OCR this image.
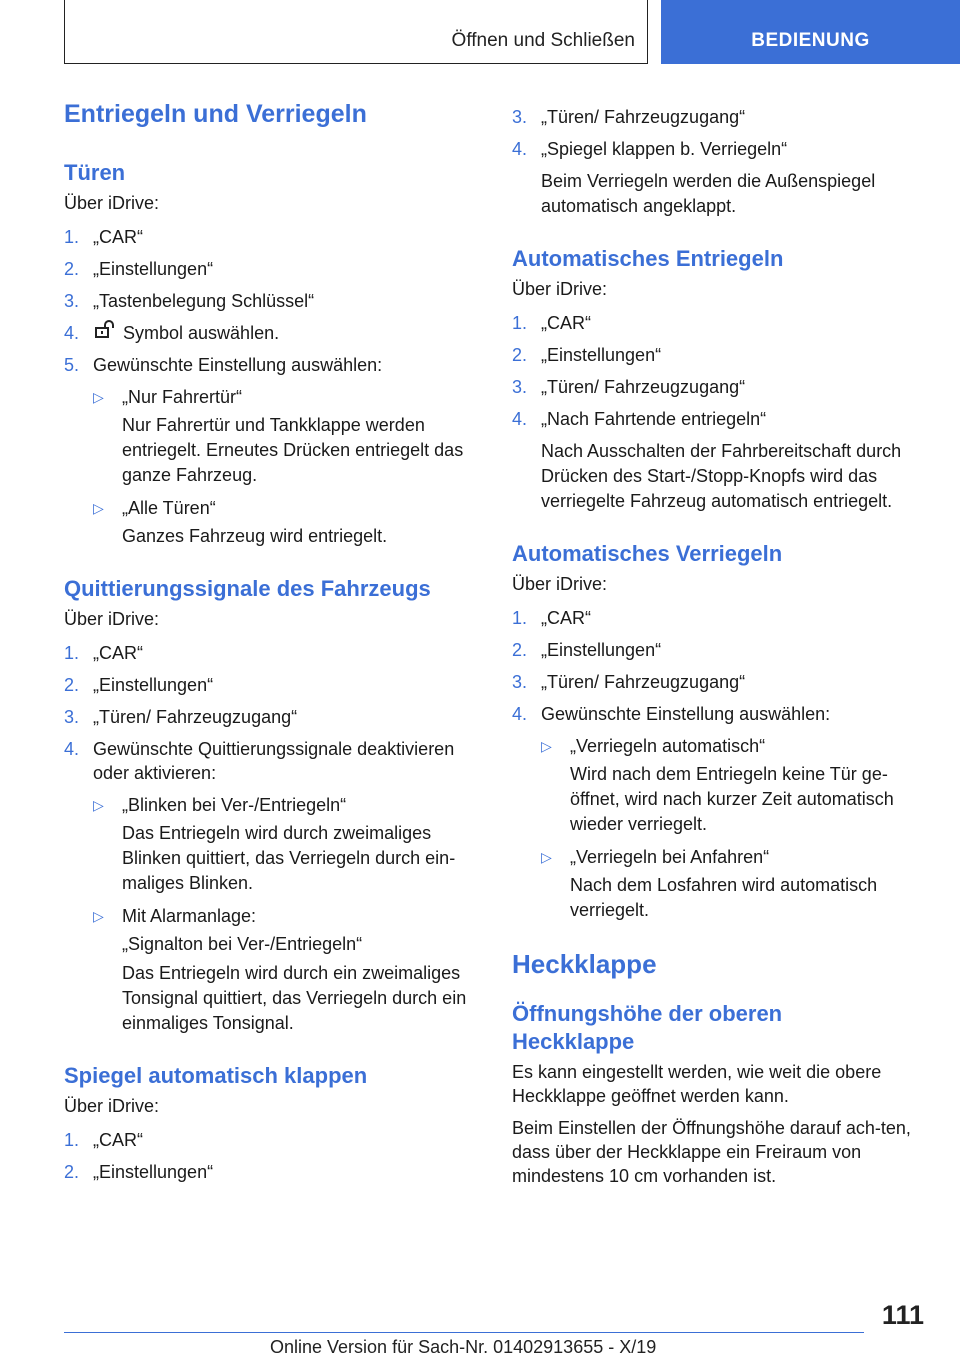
Öffnen und Schließen	BEDIENUNG
Entriegeln und Verriegeln
Türen
Über iDrive:
1. „CAR“
2. „Einstellungen“
3. „Tastenbelegung Schlüssel“
4. Symbol auswählen.
5. Gewünschte Einstellung auswählen:
▷ „Nur Fahrertür“
Nur Fahrertür und Tankklappe werden entriegelt. Erneutes Drücken entriegelt das ganze Fahrzeug.
▷ „Alle Türen“
Ganzes Fahrzeug wird entriegelt.
Quittierungssignale des Fahrzeugs
Über iDrive:
1. „CAR“
2. „Einstellungen“
3. „Türen/ Fahrzeugzugang“
4. Gewünschte Quittierungssignale deaktivieren oder aktivieren:
▷ „Blinken bei Ver-/Entriegeln“
Das Entriegeln wird durch zweimaliges Blinken quittiert, das Verriegeln durch ein-maliges Blinken.
▷ Mit Alarmanlage:
„Signalton bei Ver-/Entriegeln“
Das Entriegeln wird durch ein zweimaliges Tonsignal quittiert, das Verriegeln durch ein einmaliges Tonsignal.
Spiegel automatisch klappen
Über iDrive:
1. „CAR“
2. „Einstellungen“
3. „Türen/ Fahrzeugzugang“
4. „Spiegel klappen b. Verriegeln“
Beim Verriegeln werden die Außenspiegel automatisch angeklappt.
Automatisches Entriegeln
Über iDrive:
1. „CAR“
2. „Einstellungen“
3. „Türen/ Fahrzeugzugang“
4. „Nach Fahrtende entriegeln“
Nach Ausschalten der Fahrbereitschaft durch Drücken des Start-/Stopp-Knopfs wird das verriegelte Fahrzeug automatisch entriegelt.
Automatisches Verriegeln
Über iDrive:
1. „CAR“
2. „Einstellungen“
3. „Türen/ Fahrzeugzugang“
4. Gewünschte Einstellung auswählen:
▷ „Verriegeln automatisch“
Wird nach dem Entriegeln keine Tür ge-öffnet, wird nach kurzer Zeit automatisch wieder verriegelt.
▷ „Verriegeln bei Anfahren“
Nach dem Losfahren wird automatisch verriegelt.
Heckklappe
Öffnungshöhe der oberen Heckklappe
Es kann eingestellt werden, wie weit die obere Heckklappe geöffnet werden kann.
Beim Einstellen der Öffnungshöhe darauf ach-ten, dass über der Heckklappe ein Freiraum von mindestens 10 cm vorhanden ist.
111
Online Version für Sach-Nr. 01402913655 - X/19
